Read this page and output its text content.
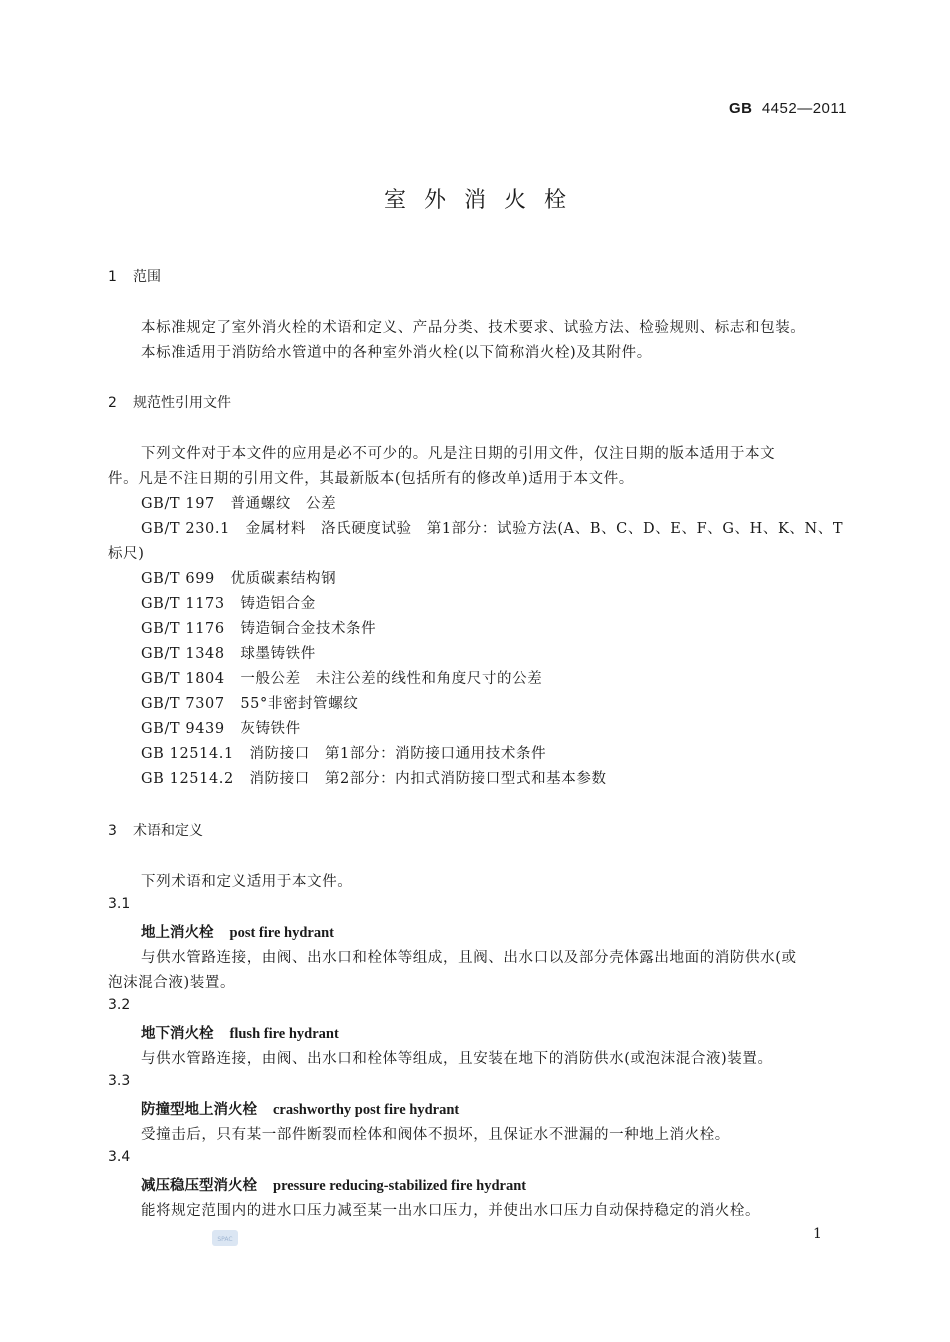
GB 4452—2011
室外消火栓
1 范围
本标准规定了室外消火栓的术语和定义、产品分类、技术要求、试验方法、检验规则、标志和包装。
本标准适用于消防给水管道中的各种室外消火栓(以下简称消火栓)及其附件。
2 规范性引用文件
下列文件对于本文件的应用是必不可少的。凡是注日期的引用文件，仅注日期的版本适用于本文
件。凡是不注日期的引用文件，其最新版本(包括所有的修改单)适用于本文件。
GB/T 197 普通螺纹　公差
GB/T 230.1 金属材料　洛氏硬度试验　第1部分：试验方法(A、B、C、D、E、F、G、H、K、N、T
标尺)
GB/T 699 优质碳素结构钢
GB/T 1173 铸造铝合金
GB/T 1176 铸造铜合金技术条件
GB/T 1348 球墨铸铁件
GB/T 1804 一般公差　未注公差的线性和角度尺寸的公差
GB/T 7307 55°非密封管螺纹
GB/T 9439 灰铸铁件
GB 12514.1 消防接口　第1部分：消防接口通用技术条件
GB 12514.2 消防接口　第2部分：内扣式消防接口型式和基本参数
3 术语和定义
下列术语和定义适用于本文件。
3.1
地上消火栓 post fire hydrant
与供水管路连接，由阀、出水口和栓体等组成，且阀、出水口以及部分壳体露出地面的消防供水(或
泡沫混合液)装置。
3.2
地下消火栓 flush fire hydrant
与供水管路连接，由阀、出水口和栓体等组成，且安装在地下的消防供水(或泡沫混合液)装置。
3.3
防撞型地上消火栓 crashworthy post fire hydrant
受撞击后，只有某一部件断裂而栓体和阀体不损坏，且保证水不泄漏的一种地上消火栓。
3.4
减压稳压型消火栓 pressure reducing-stabilized fire hydrant
能将规定范围内的进水口压力减至某一出水口压力，并使出水口压力自动保持稳定的消火栓。
SPAC	1
